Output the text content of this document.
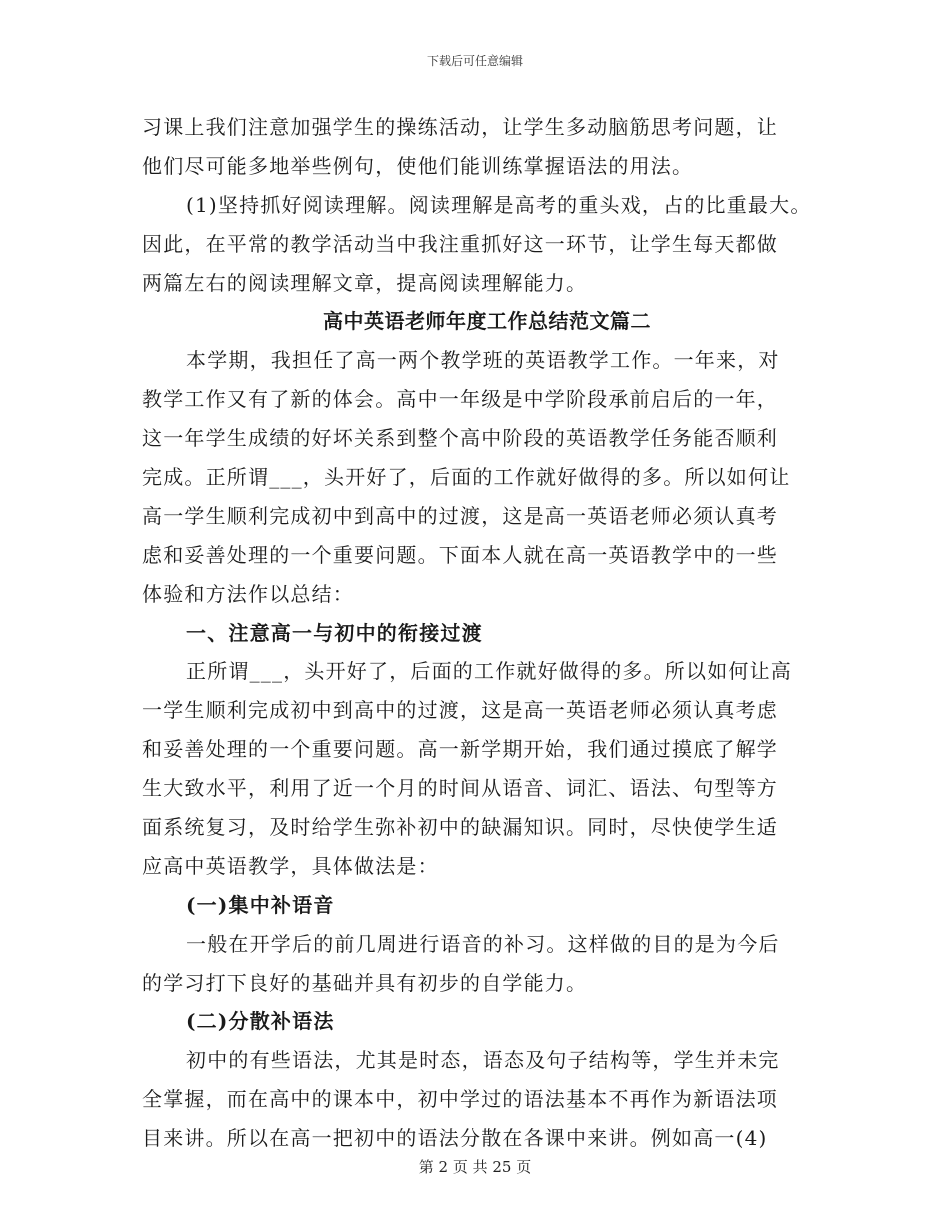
下载后可任意编辑
习课上我们注意加强学生的操练活动，让学生多动脑筋思考问题，让
他们尽可能多地举些例句，使他们能训练掌握语法的用法。
(1)坚持抓好阅读理解。阅读理解是高考的重头戏，占的比重最大。
因此，在平常的教学活动当中我注重抓好这一环节，让学生每天都做
两篇左右的阅读理解文章，提高阅读理解能力。
高中英语老师年度工作总结范文篇二
本学期，我担任了高一两个教学班的英语教学工作。一年来，对
教学工作又有了新的体会。高中一年级是中学阶段承前启后的一年，
这一年学生成绩的好坏关系到整个高中阶段的英语教学任务能否顺利
完成。正所谓___，头开好了，后面的工作就好做得的多。所以如何让
高一学生顺利完成初中到高中的过渡，这是高一英语老师必须认真考
虑和妥善处理的一个重要问题。下面本人就在高一英语教学中的一些
体验和方法作以总结：
一、注意高一与初中的衔接过渡
正所谓___，头开好了，后面的工作就好做得的多。所以如何让高
一学生顺利完成初中到高中的过渡，这是高一英语老师必须认真考虑
和妥善处理的一个重要问题。高一新学期开始，我们通过摸底了解学
生大致水平，利用了近一个月的时间从语音、词汇、语法、句型等方
面系统复习，及时给学生弥补初中的缺漏知识。同时，尽快使学生适
应高中英语教学，具体做法是：
(一)集中补语音
一般在开学后的前几周进行语音的补习。这样做的目的是为今后
的学习打下良好的基础并具有初步的自学能力。
(二)分散补语法
初中的有些语法，尤其是时态，语态及句子结构等，学生并未完
全掌握，而在高中的课本中，初中学过的语法基本不再作为新语法项
目来讲。所以在高一把初中的语法分散在各课中来讲。例如高一(4)
第 2 页 共 25 页
